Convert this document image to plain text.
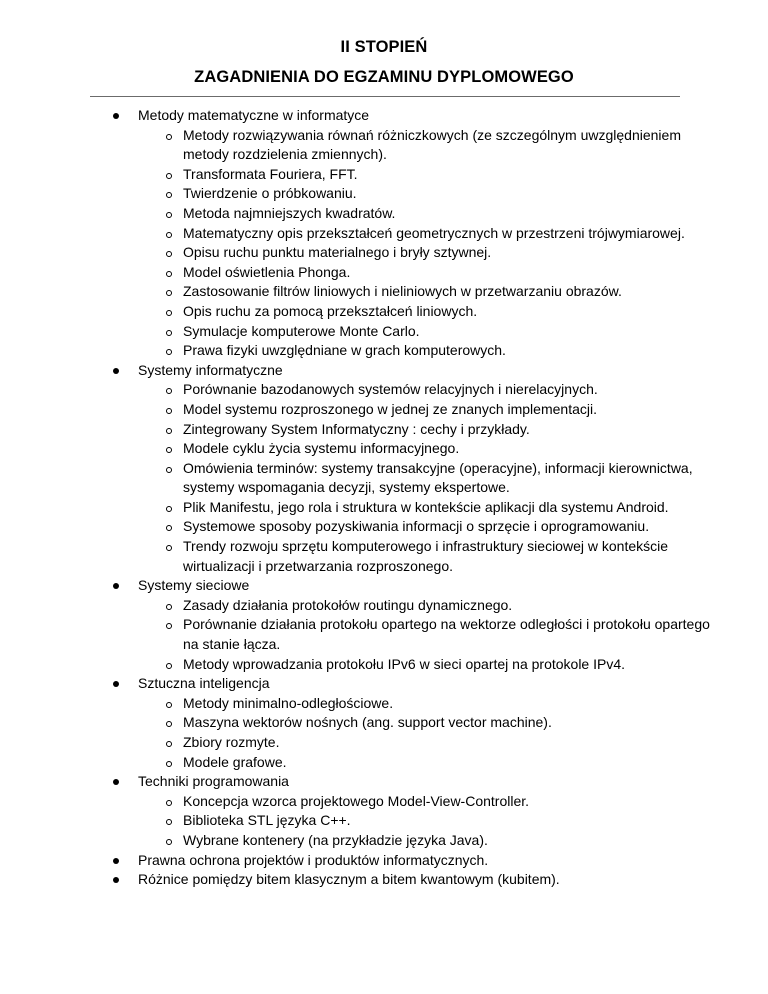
II STOPIEŃ
ZAGADNIENIA DO EGZAMINU DYPLOMOWEGO
Metody matematyczne w informatyce
Metody rozwiązywania równań różniczkowych (ze szczególnym uwzględnieniem metody rozdzielenia zmiennych).
Transformata Fouriera, FFT.
Twierdzenie o próbkowaniu.
Metoda najmniejszych kwadratów.
Matematyczny opis przekształceń geometrycznych w przestrzeni trójwymiarowej.
Opisu ruchu punktu materialnego i bryły sztywnej.
Model oświetlenia Phonga.
Zastosowanie filtrów liniowych i nieliniowych w przetwarzaniu obrazów.
Opis ruchu za pomocą przekształceń liniowych.
Symulacje komputerowe Monte Carlo.
Prawa fizyki uwzględniane w grach komputerowych.
Systemy informatyczne
Porównanie bazodanowych systemów relacyjnych i nierelacyjnych.
Model systemu rozproszonego w jednej ze znanych implementacji.
Zintegrowany System Informatyczny : cechy i przykłady.
Modele cyklu życia systemu informacyjnego.
Omówienia terminów: systemy transakcyjne (operacyjne), informacji kierownictwa, systemy wspomagania decyzji, systemy ekspertowe.
Plik Manifestu, jego rola i struktura w kontekście aplikacji dla systemu Android.
Systemowe sposoby pozyskiwania informacji o sprzęcie i oprogramowaniu.
Trendy rozwoju sprzętu komputerowego i infrastruktury sieciowej w kontekście wirtualizacji i przetwarzania rozproszonego.
Systemy sieciowe
Zasady działania protokołów routingu dynamicznego.
Porównanie działania protokołu opartego na wektorze odległości i protokołu opartego na stanie łącza.
Metody wprowadzania protokołu IPv6 w sieci opartej na protokole IPv4.
Sztuczna inteligencja
Metody minimalno-odległościowe.
Maszyna wektorów nośnych (ang. support vector machine).
Zbiory rozmyte.
Modele grafowe.
Techniki programowania
Koncepcja wzorca projektowego Model-View-Controller.
Biblioteka STL języka C++.
Wybrane kontenery (na przykładzie języka Java).
Prawna ochrona projektów i produktów informatycznych.
Różnice pomiędzy bitem klasycznym a bitem kwantowym (kubitem).
